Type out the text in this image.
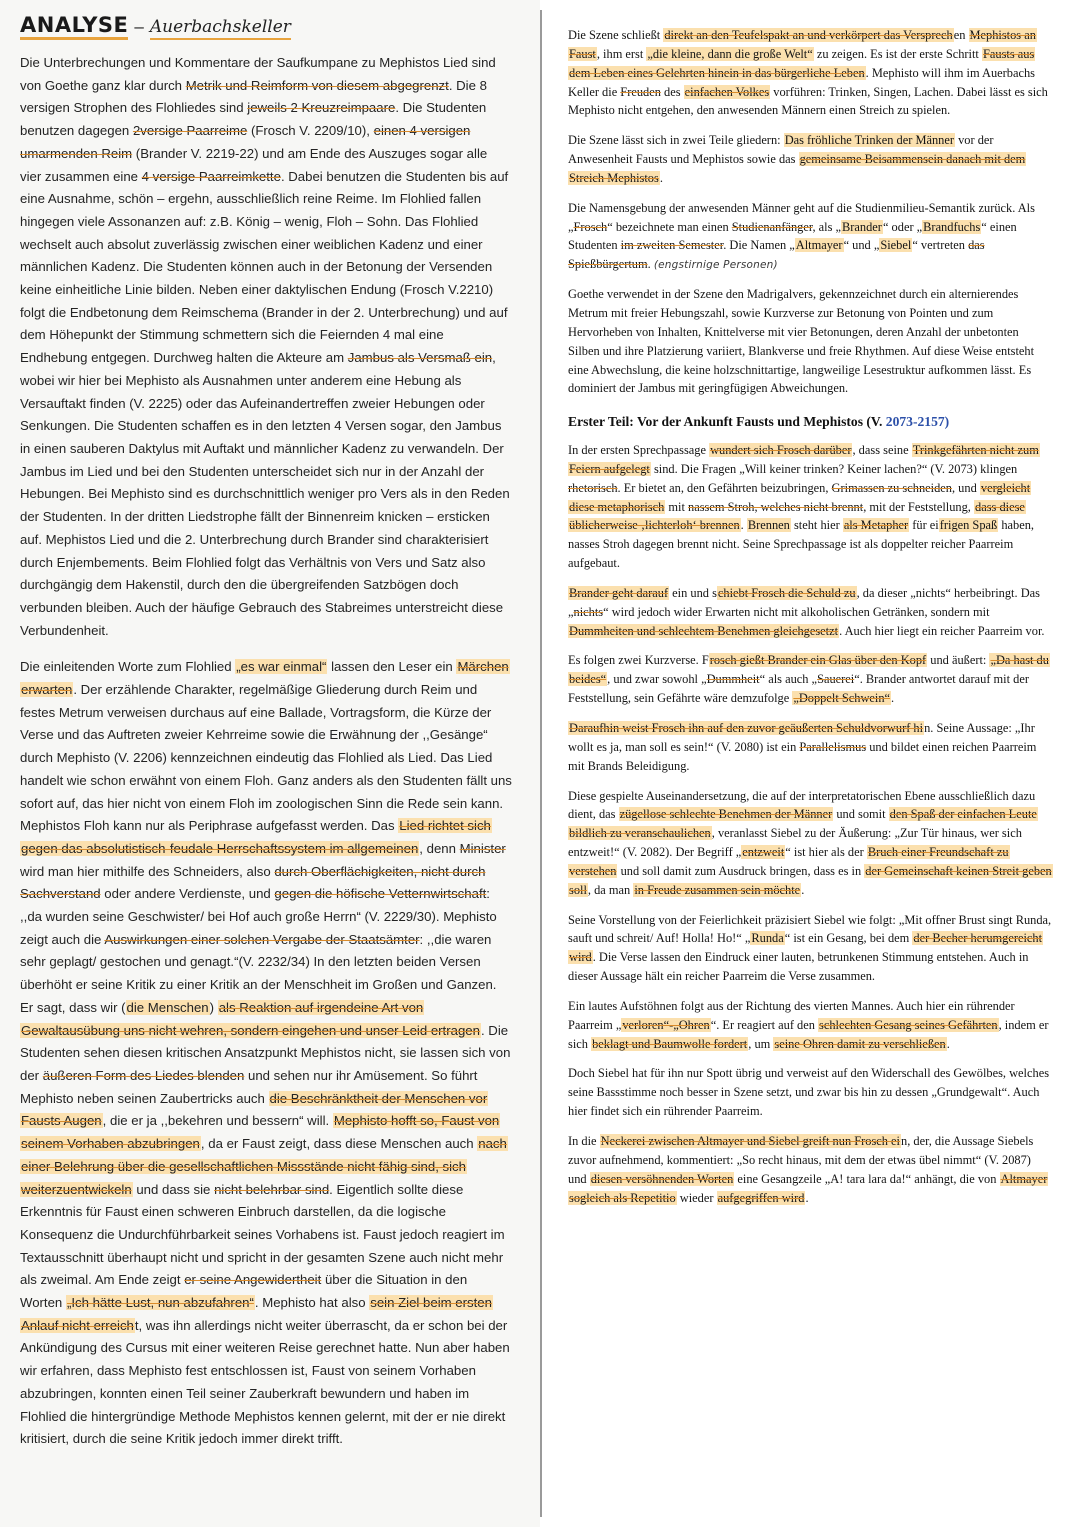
ANALYSE – Auerbachskeller

Die Unterbrechungen und Kommentare der Saufkumpane zu Mephistos Lied sind von Goethe ganz klar durch Metrik und Reimform von diesem abgegrenzt. Die 8 versigen Strophen des Flohliedes sind jeweils 2 Kreuzreimpaare. Die Studenten benutzen dagegen 2versige Paarreime (Frosch V. 2209/10), einen 4 versigen umarmenden Reim (Brander V. 2219-22) und am Ende des Auszuges sogar alle vier zusammen eine 4 versige Paarreimkette. Dabei benutzen die Studenten bis auf eine Ausnahme, schön – ergehn, ausschließlich reine Reime. Im Flohlied fallen hingegen viele Assonanzen auf: z.B. König – wenig, Floh – Sohn. Das Flohlied wechselt auch absolut zuverlässig zwischen einer weiblichen Kadenz und einer männlichen Kadenz. Die Studenten können auch in der Betonung der Versenden keine einheitliche Linie bilden. Neben einer daktylischen Endung (Frosch V.2210) folgt die Endbetonung dem Reimschema (Brander in der 2. Unterbrechung) und auf dem Höhepunkt der Stimmung schmettern sich die Feiernden 4 mal eine Endhebung entgegen. Durchweg halten die Akteure am Jambus als Versmaß ein, wobei wir hier bei Mephisto als Ausnahmen unter anderem eine Hebung als Versauftakt finden (V. 2225) oder das Aufeinandertreffen zweier Hebungen oder Senkungen. Die Studenten schaffen es in den letzten 4 Versen sogar, den Jambus in einen sauberen Daktylus mit Auftakt und männlicher Kadenz zu verwandeln. Der Jambus im Lied und bei den Studenten unterscheidet sich nur in der Anzahl der Hebungen. Bei Mephisto sind es durchschnittlich weniger pro Vers als in den Reden der Studenten. In der dritten Liedstrophe fällt der Binnenreim knicken – ersticken auf. Mephistos Lied und die 2. Unterbrechung durch Brander sind charakterisiert durch Enjembements. Beim Flohlied folgt das Verhältnis von Vers und Satz also durchgängig dem Hakenstil, durch den die übergreifenden Satzbögen doch verbunden bleiben. Auch der häufige Gebrauch des Stabreimes unterstreicht diese Verbundenheit.

Die einleitenden Worte zum Flohlied „es war einmal“ lassen den Leser ein Märchen erwarten. Der erzählende Charakter, regelmäßige Gliederung durch Reim und festes Metrum verweisen durchaus auf eine Ballade, Vortragsform, die Kürze der Verse und das Auftreten zweier Kehrreime sowie die Erwähnung der ,,Gesänge“ durch Mephisto (V. 2206) kennzeichnen eindeutig das Flohlied als Lied. Das Lied handelt wie schon erwähnt von einem Floh. Ganz anders als den Studenten fällt uns sofort auf, das hier nicht von einem Floh im zoologischen Sinn die Rede sein kann. Mephistos Floh kann nur als Periphrase aufgefasst werden. Das Lied richtet sich gegen das absolutistisch-feudale Herrschaftssystem im allgemeinen, denn Minister wird man hier mithilfe des Schneiders, also durch Oberflächigkeiten, nicht durch Sachverstand oder andere Verdienste, und gegen die höfische Vetternwirtschaft: ,,da wurden seine Geschwister/ bei Hof auch große Herrn“ (V. 2229/30). Mephisto zeigt auch die Auswirkungen einer solchen Vergabe der Staatsämter: ,,die waren sehr geplagt/ gestochen und genagt.“(V. 2232/34) In den letzten beiden Versen überhöht er seine Kritik zu einer Kritik an der Menschheit im Großen und Ganzen. Er sagt, dass wir (die Menschen) als Reaktion auf irgendeine Art von Gewaltausübung uns nicht wehren, sondern eingehen und unser Leid ertragen. Die Studenten sehen diesen kritischen Ansatzpunkt Mephistos nicht, sie lassen sich von der äußeren Form des Liedes blenden und sehen nur ihr Amüsement. So führt Mephisto neben seinen Zaubertricks auch die Beschränktheit der Menschen vor Fausts Augen, die er ja ,,bekehren und bessern“ will. Mephisto hofft so, Faust von seinem Vorhaben abzubringen, da er Faust zeigt, dass diese Menschen auch nach einer Belehrung über die gesellschaftlichen Missstände nicht fähig sind, sich weiterzuentwickeln und dass sie nicht belehrbar sind. Eigentlich sollte diese Erkenntnis für Faust einen schweren Einbruch darstellen, da die logische Konsequenz die Undurchführbarkeit seines Vorhabens ist. Faust jedoch reagiert im Textausschnitt überhaupt nicht und spricht in der gesamten Szene auch nicht mehr als zweimal. Am Ende zeigt er seine Angewidertheit über die Situation in den Worten „Ich hätte Lust, nun abzufahren“. Mephisto hat also sein Ziel beim ersten Anlauf nicht erreicht, was ihn allerdings nicht weiter überrascht, da er schon bei der Ankündigung des Cursus mit einer weiteren Reise gerechnet hatte. Nun aber haben wir erfahren, dass Mephisto fest entschlossen ist, Faust von seinem Vorhaben abzubringen, konnten einen Teil seiner Zauberkraft bewundern und haben im Flohlied die hintergründige Methode Mephistos kennen gelernt, mit der er nie direkt kritisiert, durch die seine Kritik jedoch immer direkt trifft.

Die Szene schließt direkt an den Teufelspakt an und verkörpert das Versprechen Mephistos an Faust, ihm erst „die kleine, dann die große Welt“ zu zeigen. Es ist der erste Schritt Fausts aus dem Leben eines Gelehrten hinein in das bürgerliche Leben. Mephisto will ihm im Auerbachs Keller die Freuden des einfachen Volkes vorführen: Trinken, Singen, Lachen. Dabei lässt es sich Mephisto nicht entgehen, den anwesenden Männern einen Streich zu spielen.

Die Szene lässt sich in zwei Teile gliedern: Das fröhliche Trinken der Männer vor der Anwesenheit Fausts und Mephistos sowie das gemeinsame Beisammensein danach mit dem Streich Mephistos.

Die Namensgebung der anwesenden Männer geht auf die Studienmilieu-Semantik zurück. Als „Frosch“ bezeichnete man einen Studienanfänger, als „Brander“ oder „Brandfuchs“ einen Studenten im zweiten Semester. Die Namen „Altmayer“ und „Siebel“ vertreten das Spießbürgertum. (engstirnige Personen)

Goethe verwendet in der Szene den Madrigalvers, gekennzeichnet durch ein alternierendes Metrum mit freier Hebungszahl, sowie Kurzverse zur Betonung von Pointen und zum Hervorheben von Inhalten, Knittelverse mit vier Betonungen, deren Anzahl der unbetonten Silben und ihre Platzierung variiert, Blankverse und freie Rhythmen. Auf diese Weise entsteht eine Abwechslung, die keine holzschnittartige, langweilige Lesestruktur aufkommen lässt. Es dominiert der Jambus mit geringfügigen Abweichungen.

Erster Teil: Vor der Ankunft Fausts und Mephistos (V. 2073-2157)

In der ersten Sprechpassage wundert sich Frosch darüber, dass seine Trinkgefährten nicht zum Feiern aufgelegt sind. Die Fragen „Will keiner trinken? Keiner lachen?“ (V. 2073) klingen rhetorisch. Er bietet an, den Gefährten beizubringen, Grimassen zu schneiden, und vergleicht diese metaphorisch mit nassem Stroh, welches nicht brennt, mit der Feststellung, dass diese üblicherweise ‚lichterloh‘ brennen. Brennen steht hier als Metapher für eifrigen Spaß haben, nasses Stroh dagegen brennt nicht. Seine Sprechpassage ist als doppelter reicher Paarreim aufgebaut.

Brander geht darauf ein und schiebt Frosch die Schuld zu, da dieser „nichts“ herbeibringt. Das „nichts“ wird jedoch wider Erwarten nicht mit alkoholischen Getränken, sondern mit Dummheiten und schlechtem Benehmen gleichgesetzt. Auch hier liegt ein reicher Paarreim vor.

Es folgen zwei Kurzverse. Frosch gießt Brander ein Glas über den Kopf und äußert: „Da hast du beides“, und zwar sowohl „Dummheit“ als auch „Sauerei“. Brander antwortet darauf mit der Feststellung, sein Gefährte wäre demzufolge „Doppelt Schwein“.

Daraufhin weist Frosch ihn auf den zuvor geäußerten Schuldvorwurf hin. Seine Aussage: „Ihr wollt es ja, man soll es sein!“ (V. 2080) ist ein Parallelismus und bildet einen reichen Paarreim mit Brands Beleidigung.

Diese gespielte Auseinandersetzung, die auf der interpretatorischen Ebene ausschließlich dazu dient, das zügellose schlechte Benehmen der Männer und somit den Spaß der einfachen Leute bildlich zu veranschaulichen, veranlasst Siebel zu der Äußerung: „Zur Tür hinaus, wer sich entzweit!“ (V. 2082). Der Begriff „entzweit“ ist hier als der Bruch einer Freundschaft zu verstehen und soll damit zum Ausdruck bringen, dass es in der Gemeinschaft keinen Streit geben soll, da man in Freude zusammen sein möchte.

Seine Vorstellung von der Feierlichkeit präzisiert Siebel wie folgt: „Mit offner Brust singt Runda, sauft und schreit/ Auf! Holla! Ho!“ „Runda“ ist ein Gesang, bei dem der Becher herumgereicht wird. Die Verse lassen den Eindruck einer lauten, betrunkenen Stimmung entstehen. Auch in dieser Aussage hält ein reicher Paarreim die Verse zusammen.

Ein lautes Aufstöhnen folgt aus der Richtung des vierten Mannes. Auch hier ein rührender Paarreim „verloren“-„Ohren“. Er reagiert auf den schlechten Gesang seines Gefährten, indem er sich beklagt und Baumwolle fordert, um seine Ohren damit zu verschließen.

Doch Siebel hat für ihn nur Spott übrig und verweist auf den Widerschall des Gewölbes, welches seine Bassstimme noch besser in Szene setzt, und zwar bis hin zu dessen „Grundgewalt“. Auch hier findet sich ein rührender Paarreim.

In die Neckerei zwischen Altmayer und Siebel greift nun Frosch ein, der, die Aussage Siebels zuvor aufnehmend, kommentiert: „So recht hinaus, mit dem der etwas übel nimmt“ (V. 2087) und diesen versöhnenden Worten eine Gesangzeile „A! tara lara da!“ anhängt, die von Altmayer sogleich als Repetitio wieder aufgegriffen wird.
